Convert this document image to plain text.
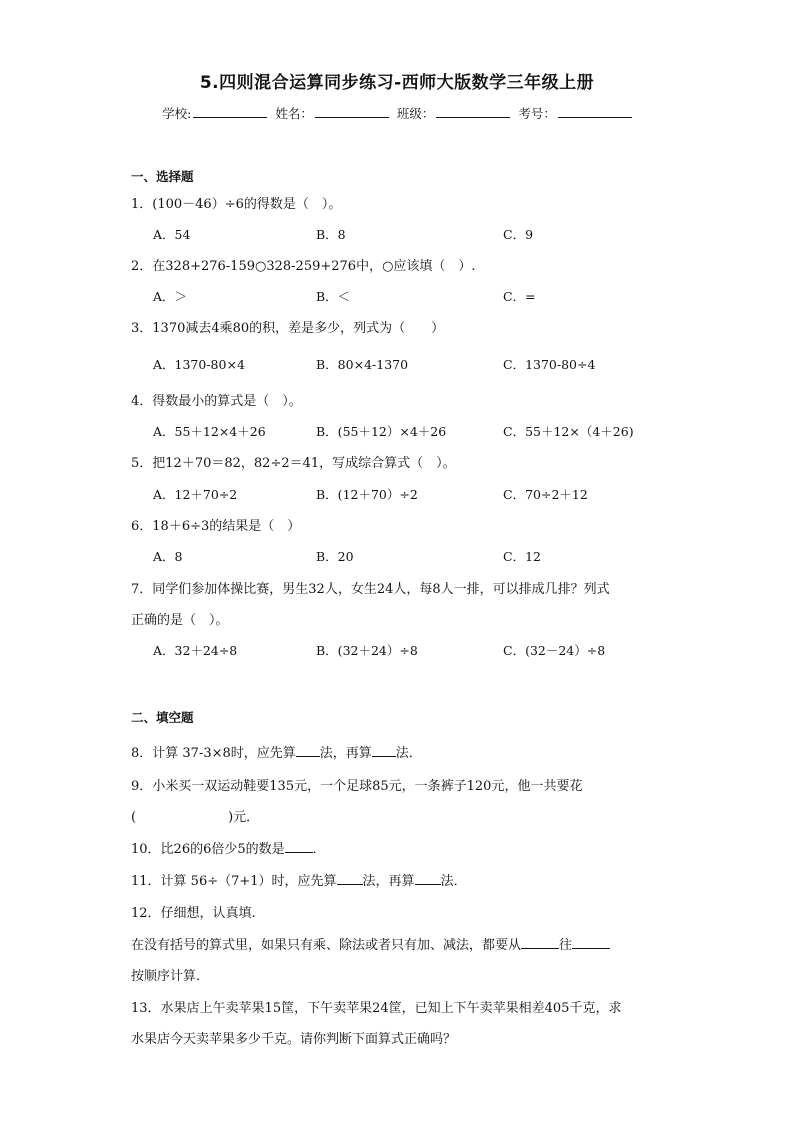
5.四则混合运算同步练习-西师大版数学三年级上册
学校:	姓名：	班级：	考号：
一、选择题
1．(100－46）÷6的得数是（　）。
A．54	B．8	C．9
2．在328+276-159○328-259+276中，○应该填（　）.
A．＞	B．＜	C．=
3．1370减去4乘80的积，差是多少，列式为（　　）
A．1370-80×4	B．80×4-1370	C．1370-80÷4
4．得数最小的算式是（　）。
A．55＋12×4＋26	B．(55＋12）×4＋26	C．55＋12×（4＋26)
5．把12＋70＝82，82÷2＝41，写成综合算式（　）。
A．12＋70÷2	B．(12＋70）÷2	C．70÷2＋12
6．18＋6÷3的结果是（　）
A．8	B．20	C．12
7．同学们参加体操比赛，男生32人，女生24人，每8人一排，可以排成几排？列式
正确的是（　）。
A．32＋24÷8	B．(32＋24）÷8	C．(32－24）÷8
二、填空题
8．计算 37-3×8时，应先算 法，再算 法．
9．小米买一双运动鞋要135元，一个足球85元，一条裤子120元，他一共要花
(	)元．
10．比26的6倍少5的数是 ．
11．计算 56÷（7+1）时，应先算 法，再算 法．
12．仔细想，认真填.
在没有括号的算式里，如果只有乘、除法或者只有加、减法，都要从	往
按顺序计算．
13．水果店上午卖苹果15筐，下午卖苹果24筐，已知上下午卖苹果相差405千克，求
水果店今天卖苹果多少千克。请你判断下面算式正确吗？
